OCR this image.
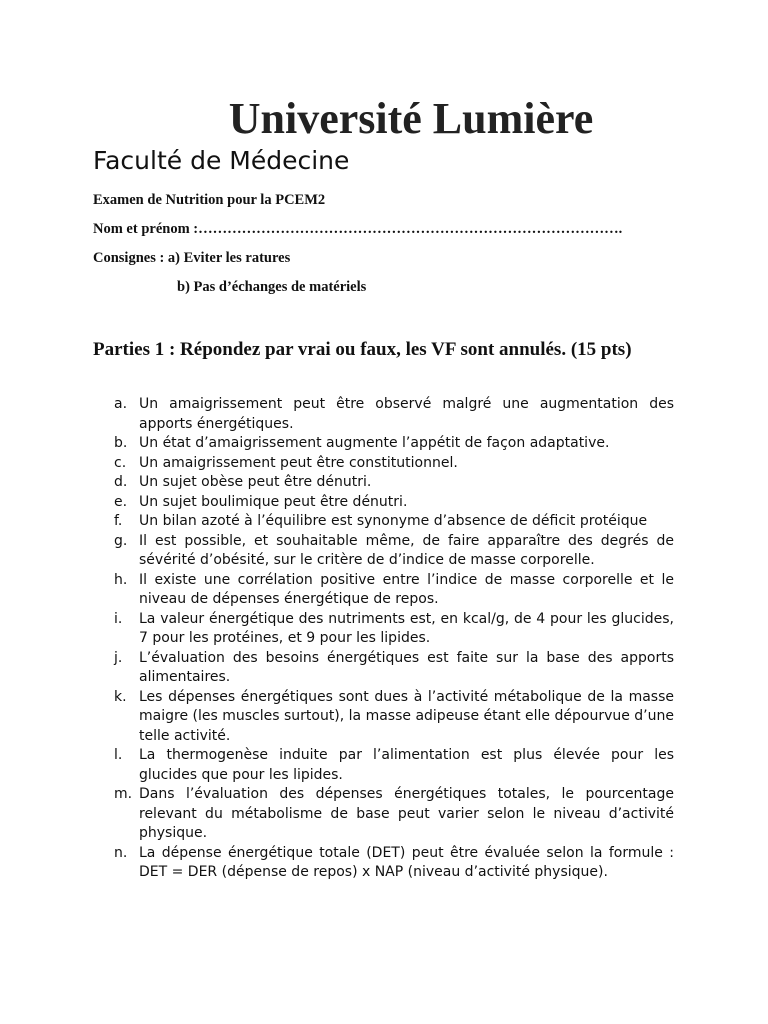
Université Lumière
Faculté de Médecine
Examen de Nutrition pour la PCEM2
Nom et prénom :…………………………………………………………………………….
Consignes : a) Eviter les ratures
b) Pas d’échanges de matériels
Parties 1 : Répondez par vrai ou faux, les VF sont annulés. (15 pts)
a. Un amaigrissement peut être observé malgré une augmentation des apports énergétiques.
b. Un état d’amaigrissement augmente l’appétit de façon adaptative.
c. Un amaigrissement peut être constitutionnel.
d. Un sujet obèse peut être dénutri.
e. Un sujet boulimique peut être dénutri.
f.	Un bilan azoté à l’équilibre est synonyme d’absence de déficit protéique
g. Il est possible, et souhaitable même, de faire apparaître des degrés de sévérité d’obésité, sur le critère de d’indice de masse corporelle.
h. Il existe une corrélation positive entre l’indice de masse corporelle et le niveau de dépenses énergétique de repos.
i.	La valeur énergétique des nutriments est, en kcal/g, de 4 pour les glucides, 7 pour les protéines, et 9 pour les lipides.
j.	L’évaluation des besoins énergétiques est faite sur la base des apports alimentaires.
k. Les dépenses énergétiques sont dues à l’activité métabolique de la masse maigre (les muscles surtout), la masse adipeuse étant elle dépourvue d’une telle activité.
l.	La thermogenèse induite par l’alimentation est plus élevée pour les glucides que pour les lipides.
m. Dans l’évaluation des dépenses énergétiques totales, le pourcentage relevant du métabolisme de base peut varier selon le niveau d’activité physique.
n. La dépense énergétique totale (DET) peut être évaluée selon la formule : DET = DER (dépense de repos) x NAP (niveau d’activité physique).
